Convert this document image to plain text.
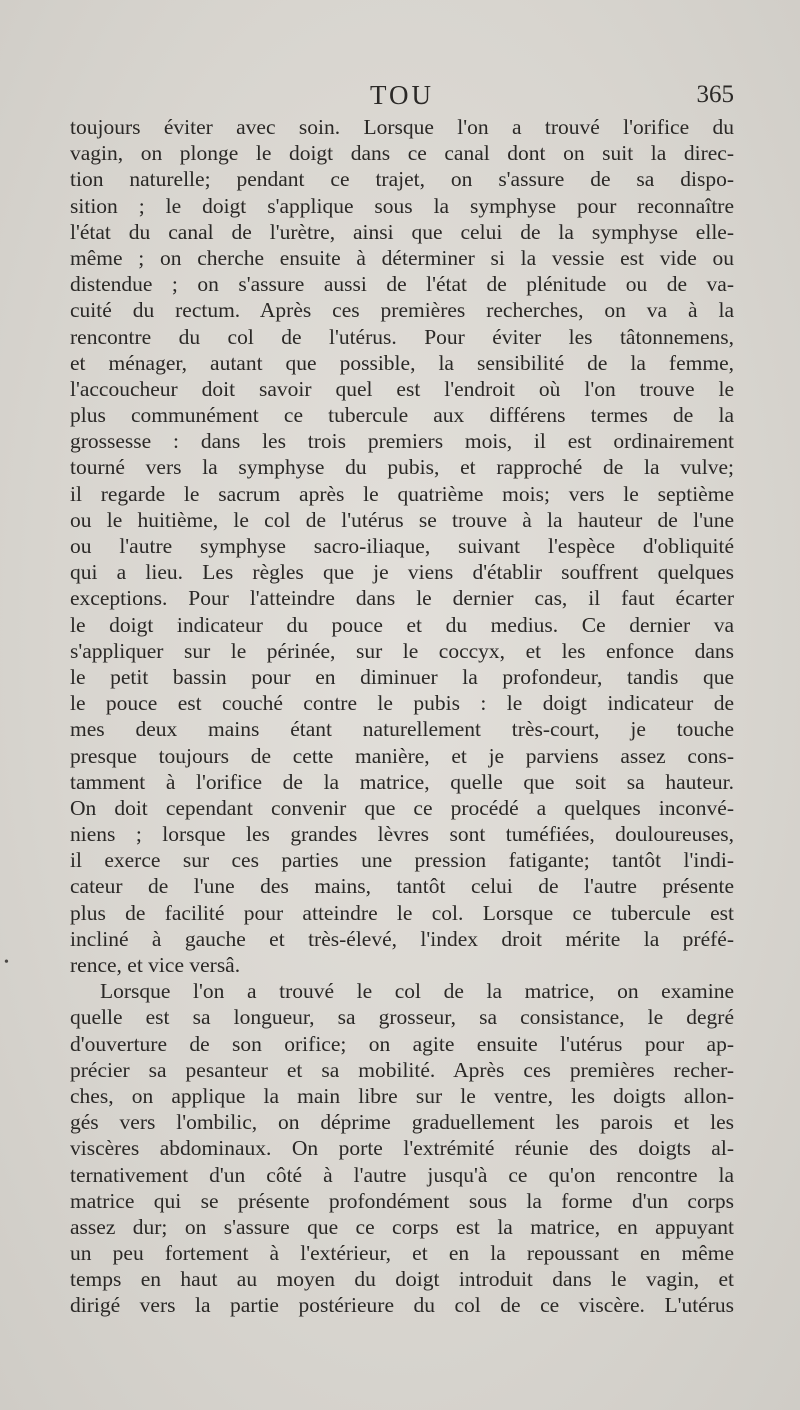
TOU	365
toujours éviter avec soin. Lorsque l'on a trouvé l'orifice du
vagin, on plonge le doigt dans ce canal dont on suit la direc-
tion naturelle; pendant ce trajet, on s'assure de sa dispo-
sition ; le doigt s'applique sous la symphyse pour reconnaître
l'état du canal de l'urètre, ainsi que celui de la symphyse elle-
même ; on cherche ensuite à déterminer si la vessie est vide ou
distendue ; on s'assure aussi de l'état de plénitude ou de va-
cuité du rectum. Après ces premières recherches, on va à la
rencontre du col de l'utérus. Pour éviter les tâtonnemens,
et ménager, autant que possible, la sensibilité de la femme,
l'accoucheur doit savoir quel est l'endroit où l'on trouve le
plus communément ce tubercule aux différens termes de la
grossesse : dans les trois premiers mois, il est ordinairement
tourné vers la symphyse du pubis, et rapproché de la vulve;
il regarde le sacrum après le quatrième mois; vers le septième
ou le huitième, le col de l'utérus se trouve à la hauteur de l'une
ou l'autre symphyse sacro-iliaque, suivant l'espèce d'obliquité
qui a lieu. Les règles que je viens d'établir souffrent quelques
exceptions. Pour l'atteindre dans le dernier cas, il faut écarter
le doigt indicateur du pouce et du medius. Ce dernier va
s'appliquer sur le périnée, sur le coccyx, et les enfonce dans
le petit bassin pour en diminuer la profondeur, tandis que
le pouce est couché contre le pubis : le doigt indicateur de
mes deux mains étant naturellement très-court, je touche
presque toujours de cette manière, et je parviens assez cons-
tamment à l'orifice de la matrice, quelle que soit sa hauteur.
On doit cependant convenir que ce procédé a quelques inconvé-
niens ; lorsque les grandes lèvres sont tuméfiées, douloureuses,
il exerce sur ces parties une pression fatigante; tantôt l'indi-
cateur de l'une des mains, tantôt celui de l'autre présente
plus de facilité pour atteindre le col. Lorsque ce tubercule est
incliné à gauche et très-élevé, l'index droit mérite la préfé-
rence, et vice versâ.
Lorsque l'on a trouvé le col de la matrice, on examine
quelle est sa longueur, sa grosseur, sa consistance, le degré
d'ouverture de son orifice; on agite ensuite l'utérus pour ap-
précier sa pesanteur et sa mobilité. Après ces premières recher-
ches, on applique la main libre sur le ventre, les doigts allon-
gés vers l'ombilic, on déprime graduellement les parois et les
viscères abdominaux. On porte l'extrémité réunie des doigts al-
ternativement d'un côté à l'autre jusqu'à ce qu'on rencontre la
matrice qui se présente profondément sous la forme d'un corps
assez dur; on s'assure que ce corps est la matrice, en appuyant
un peu fortement à l'extérieur, et en la repoussant en même
temps en haut au moyen du doigt introduit dans le vagin, et
dirigé vers la partie postérieure du col de ce viscère. L'utérus
•
